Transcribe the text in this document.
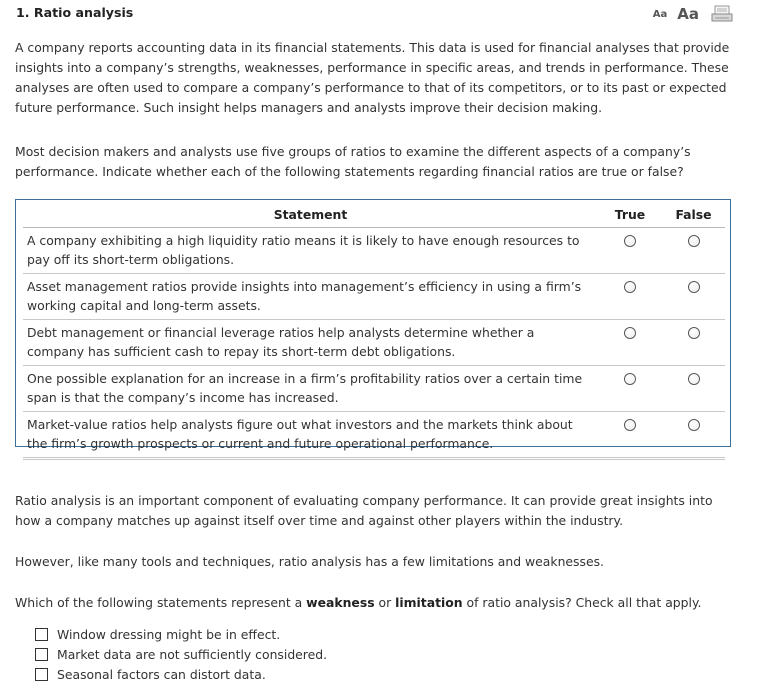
1. Ratio analysis	Aa Aa
A company reports accounting data in its financial statements. This data is used for financial analyses that provide insights into a company’s strengths, weaknesses, performance in specific areas, and trends in performance. These analyses are often used to compare a company’s performance to that of its competitors, or to its past or expected future performance. Such insight helps managers and analysts improve their decision making.
Most decision makers and analysts use five groups of ratios to examine the different aspects of a company’s performance. Indicate whether each of the following statements regarding financial ratios are true or false?
Statement	True	False
A company exhibiting a high liquidity ratio means it is likely to have enough resources to pay off its short-term obligations.		
Asset management ratios provide insights into management’s efficiency in using a firm’s working capital and long-term assets.		
Debt management or financial leverage ratios help analysts determine whether a company has sufficient cash to repay its short-term debt obligations.		
One possible explanation for an increase in a firm’s profitability ratios over a certain time span is that the company’s income has increased.		
Market-value ratios help analysts figure out what investors and the markets think about the firm’s growth prospects or current and future operational performance.		
Ratio analysis is an important component of evaluating company performance. It can provide great insights into how a company matches up against itself over time and against other players within the industry.
However, like many tools and techniques, ratio analysis has a few limitations and weaknesses.
Which of the following statements represent a weakness or limitation of ratio analysis? Check all that apply.
Window dressing might be in effect.
Market data are not sufficiently considered.
Seasonal factors can distort data.
